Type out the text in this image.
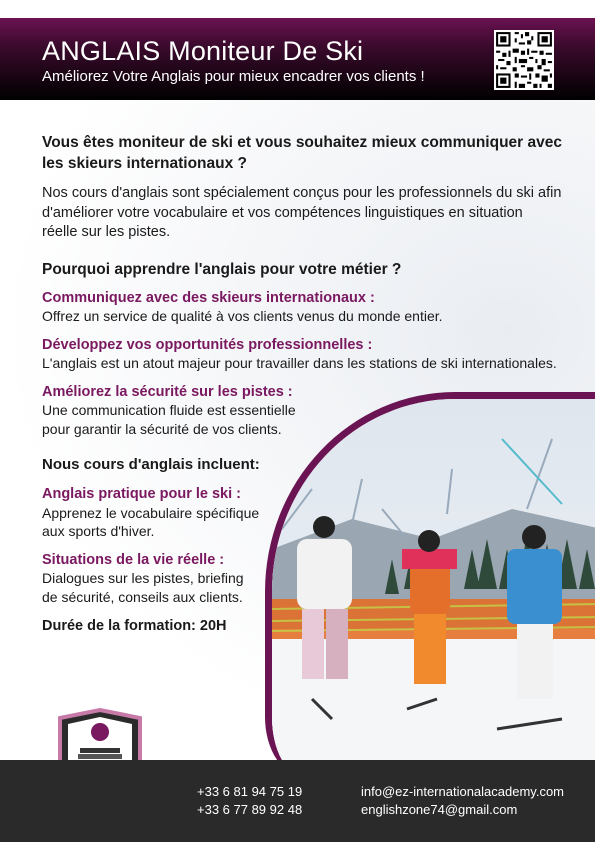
ANGLAIS Moniteur De Ski

Améliorez Votre Anglais pour mieux encadrer vos clients !

Vous êtes moniteur de ski et vous souhaitez mieux communiquer avec les skieurs internationaux ?

Nos cours d'anglais sont spécialement conçus pour les professionnels du ski afin d'améliorer votre vocabulaire et vos compétences linguistiques en situation réelle sur les pistes.

Pourquoi apprendre l'anglais pour votre métier ?

Communiquez avec des skieurs internationaux :
Offrez un service de qualité à vos clients venus du monde entier.
Développez vos opportunités professionnelles :
L'anglais est un atout majeur pour travailler dans les stations de ski internationales.
Améliorez la sécurité sur les pistes :
Une communication fluide est essentielle pour garantir la sécurité de vos clients.

Nous cours d'anglais incluent:

Anglais pratique pour le ski :
Apprenez le vocabulaire spécifique aux sports d'hiver.
Situations de la vie réelle :
Dialogues sur les pistes, briefing de sécurité, conseils aux clients.
Durée de la formation: 20H
+33 6 81 94 75 19
+33 6 77 89 92 48
info@ez-internationalacademy.com
englishzone74@gmail.com
